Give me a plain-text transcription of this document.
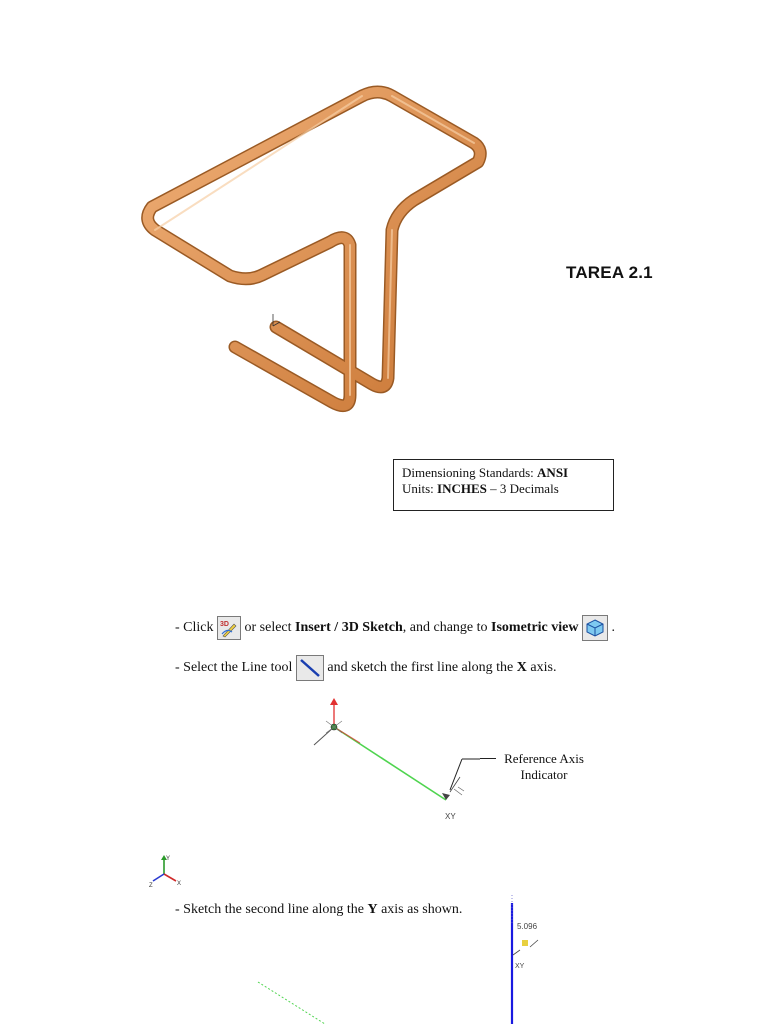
TAREA 2.1
Dimensioning Standards: ANSI
Units: INCHES – 3 Decimals
- Click 3D or select Insert / 3D Sketch, and change to Isometric view
.
- Select the Line tool
and sketch the first line along the X axis.
XY
Reference Axis
Indicator
Y
X
Z
- Sketch the second line along the Y axis as shown.
5.096
XY
